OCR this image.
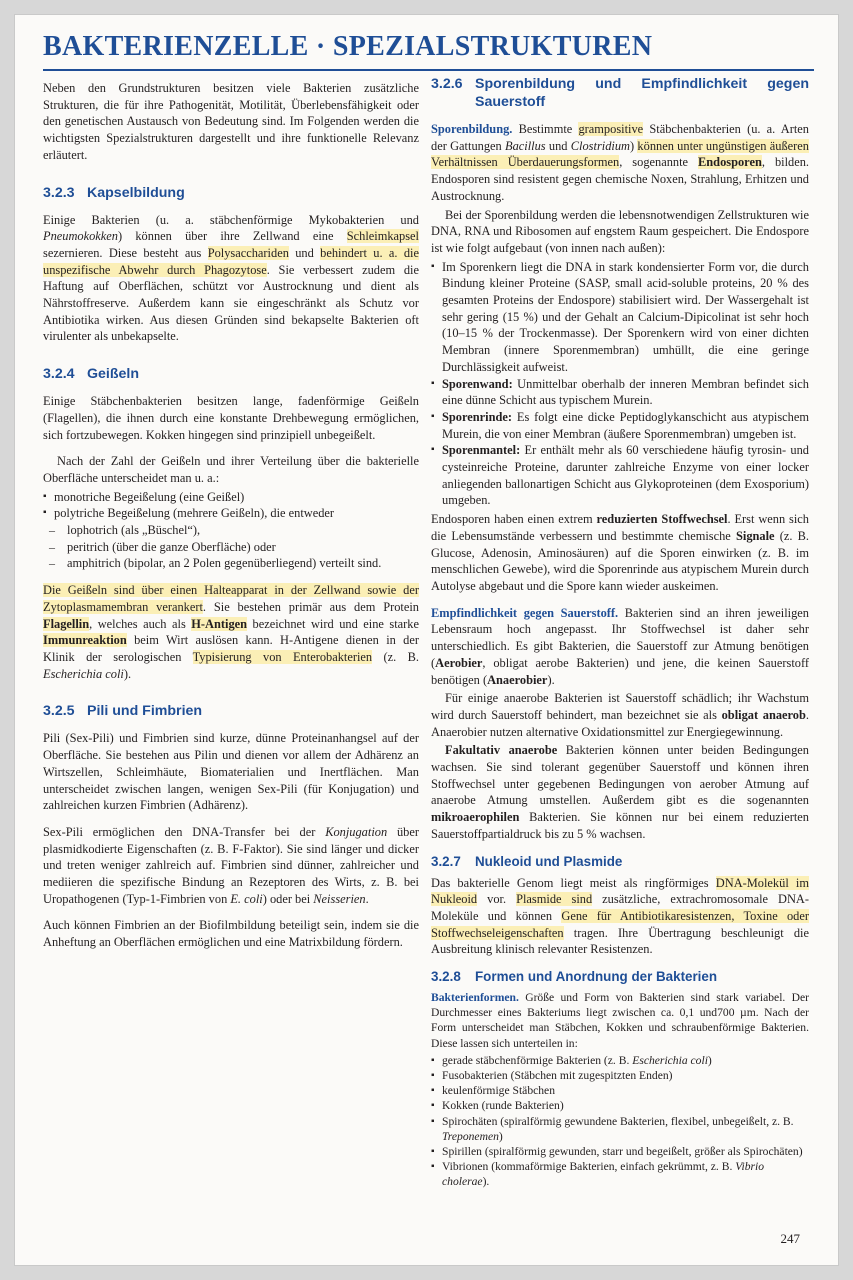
BAKTERIENZELLE · SPEZIALSTRUKTUREN

Neben den Grundstrukturen besitzen viele Bakterien zusätzliche Strukturen, die für ihre Pathogenität, Motilität, Überlebensfähigkeit oder den genetischen Austausch von Bedeutung sind. Im Folgenden werden die wichtigsten Spezialstrukturen dargestellt und ihre funktionelle Relevanz erläutert.

3.2.3 Kapselbildung

Einige Bakterien (u. a. stäbchenförmige Mykobakterien und Pneumokokken) können über ihre Zellwand eine Schleimkapsel sezernieren. Diese besteht aus Polysacchariden und behindert u. a. die unspezifische Abwehr durch Phagozytose. Sie verbessert zudem die Haftung auf Oberflächen, schützt vor Austrocknung und dient als Nährstoffreserve. Außerdem kann sie eingeschränkt als Schutz vor Antibiotika wirken. Aus diesen Gründen sind bekapselte Bakterien oft virulenter als unbekapselte.

3.2.4 Geißeln

Einige Stäbchenbakterien besitzen lange, fadenförmige Geißeln (Flagellen), die ihnen durch eine konstante Drehbewegung ermöglichen, sich fortzubewegen. Kokken hingegen sind prinzipiell unbegeißelt.

Nach der Zahl der Geißeln und ihrer Verteilung über die bakterielle Oberfläche unterscheidet man u. a.:

▪ monotriche Begeißelung (eine Geißel)
▪ polytriche Begeißelung (mehrere Geißeln), die entweder
– lophotrich (als „Büschel“),
– peritrich (über die ganze Oberfläche) oder
– amphitrich (bipolar, an 2 Polen gegenüberliegend) verteilt sind.

Die Geißeln sind über einen Halteapparat in der Zellwand sowie der Zytoplasmamembran verankert. Sie bestehen primär aus dem Protein Flagellin, welches auch als H-Antigen bezeichnet wird und eine starke Immunreaktion beim Wirt auslösen kann. H-Antigene dienen in der Klinik der serologischen Typisierung von Enterobakterien (z. B. Escherichia coli).

3.2.5 Pili und Fimbrien

Pili (Sex-Pili) und Fimbrien sind kurze, dünne Proteinanhangsel auf der Oberfläche. Sie bestehen aus Pilin und dienen vor allem der Adhärenz an Wirtszellen, Schleimhäute, Biomaterialien und Inertflächen. Man unterscheidet zwischen langen, wenigen Sex-Pili (für Konjugation) und zahlreichen kurzen Fimbrien (Adhärenz).

Sex-Pili ermöglichen den DNA-Transfer bei der Konjugation über plasmidkodierte Eigenschaften (z. B. F-Faktor). Sie sind länger und dicker und treten weniger zahlreich auf. Fimbrien sind dünner, zahlreicher und mediieren die spezifische Bindung an Rezeptoren des Wirts, z. B. bei Uropathogenen (Typ-1-Fimbrien von E. coli) oder bei Neisserien.

Auch können Fimbrien an der Biofilmbildung beteiligt sein, indem sie die Anheftung an Oberflächen ermöglichen und eine Matrixbildung fördern.

3.2.6 Sporenbildung und Empfindlichkeit gegen Sauerstoff

Sporenbildung. Bestimmte grampositive Stäbchenbakterien (u. a. Arten der Gattungen Bacillus und Clostridium) können unter ungünstigen äußeren Verhältnissen Überdauerungsformen, sogenannte Endosporen, bilden. Endosporen sind resistent gegen chemische Noxen, Strahlung, Erhitzen und Austrocknung.

Bei der Sporenbildung werden die lebensnotwendigen Zellstrukturen wie DNA, RNA und Ribosomen auf engstem Raum gespeichert. Die Endospore ist wie folgt aufgebaut (von innen nach außen):

▪ Im Sporenkern liegt die DNA in stark kondensierter Form vor, die durch Bindung kleiner Proteine (SASP, small acid-soluble proteins, 20 % des gesamten Proteins der Endospore) stabilisiert wird. Der Wassergehalt ist sehr gering (15 %) und der Gehalt an Calcium-Dipicolinat ist sehr hoch (10–15 % der Trockenmasse). Der Sporenkern wird von einer dichten Membran (innere Sporenmembran) umhüllt, die eine geringe Durchlässigkeit aufweist.
▪ Sporenwand: Unmittelbar oberhalb der inneren Membran befindet sich eine dünne Schicht aus typischem Murein.
▪ Sporenrinde: Es folgt eine dicke Peptidoglykanschicht aus atypischem Murein, die von einer Membran (äußere Sporenmembran) umgeben ist.
▪ Sporenmantel: Er enthält mehr als 60 verschiedene häufig tyrosin- und cysteinreiche Proteine, darunter zahlreiche Enzyme von einer locker anliegenden ballonartigen Schicht aus Glykoproteinen (dem Exosporium) umgeben.

Endosporen haben einen extrem reduzierten Stoffwechsel. Erst wenn sich die Lebensumstände verbessern und bestimmte chemische Signale (z. B. Glucose, Adenosin, Aminosäuren) auf die Sporen einwirken (z. B. im menschlichen Gewebe), wird die Sporenrinde aus atypischem Murein durch Autolyse abgebaut und die Spore kann wieder auskeimen.

Empfindlichkeit gegen Sauerstoff. Bakterien sind an ihren jeweiligen Lebensraum hoch angepasst. Ihr Stoffwechsel ist daher sehr unterschiedlich. Es gibt Bakterien, die Sauerstoff zur Atmung benötigen (Aerobier, obligat aerobe Bakterien) und jene, die keinen Sauerstoff benötigen (Anaerobier).

Für einige anaerobe Bakterien ist Sauerstoff schädlich; ihr Wachstum wird durch Sauerstoff behindert, man bezeichnet sie als obligat anaerob. Anaerobier nutzen alternative Oxidationsmittel zur Energiegewinnung.

Fakultativ anaerobe Bakterien können unter beiden Bedingungen wachsen. Sie sind tolerant gegenüber Sauerstoff und können ihren Stoffwechsel unter gegebenen Bedingungen von aerober Atmung auf anaerobe Atmung umstellen. Außerdem gibt es die sogenannten mikroaerophilen Bakterien. Sie können nur bei einem reduzierten Sauerstoffpartialdruck bis zu 5 % wachsen.

3.2.7 Nukleoid und Plasmide

Das bakterielle Genom liegt meist als ringförmiges DNA-Molekül im Nukleoid vor. Plasmide sind zusätzliche, extrachromosomale DNA-Moleküle und können Gene für Antibiotikaresistenzen, Toxine oder Stoffwechseleigenschaften tragen. Ihre Übertragung beschleunigt die Ausbreitung klinisch relevanter Resistenzen.

3.2.8 Formen und Anordnung der Bakterien

Bakterienformen. Größe und Form von Bakterien sind stark variabel. Der Durchmesser eines Bakteriums liegt zwischen ca. 0,1 und700 µm. Nach der Form unterscheidet man Stäbchen, Kokken und schraubenförmige Bakterien. Diese lassen sich unterteilen in:

▪ gerade stäbchenförmige Bakterien (z. B. Escherichia coli)
▪ Fusobakterien (Stäbchen mit zugespitzten Enden)
▪ keulenförmige Stäbchen
▪ Kokken (runde Bakterien)
▪ Spirochäten (spiralförmig gewundene Bakterien, flexibel, unbegeißelt, z. B. Treponemen)
▪ Spirillen (spiralförmig gewunden, starr und begeißelt, größer als Spirochäten)
▪ Vibrionen (kommaförmige Bakterien, einfach gekrümmt, z. B. Vibrio cholerae).
247
